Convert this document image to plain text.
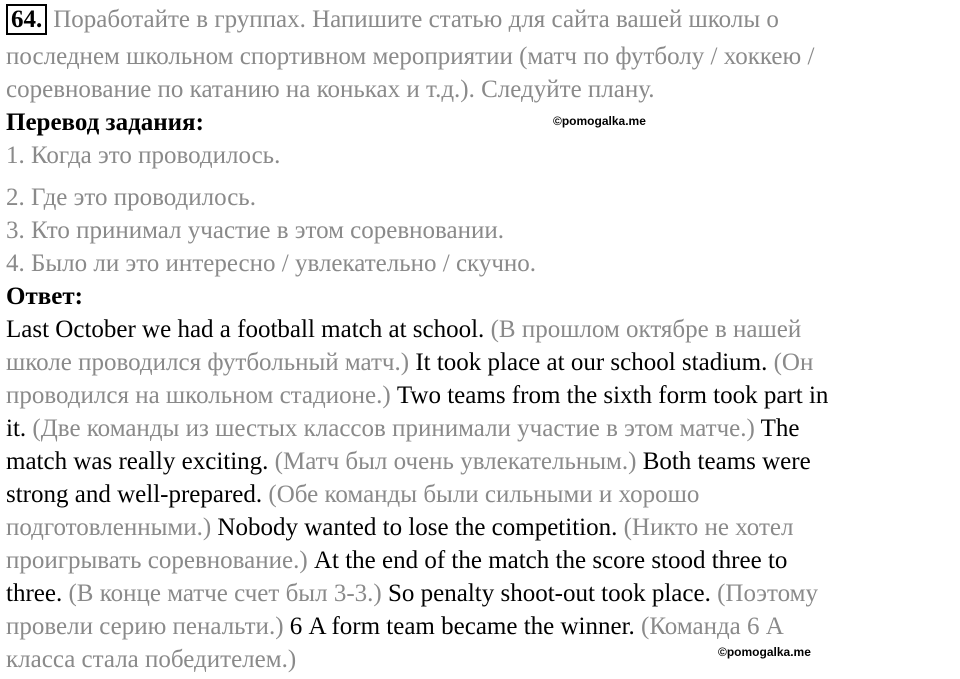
64. Поработайте в группах. Напишите статью для сайта вашей школы о
последнем школьном спортивном мероприятии (матч по футболу / хоккею /
соревнование по катанию на коньках и т.д.). Следуйте плану.
Перевод задания:	©pomogalka.me
1. Когда это проводилось.
2. Где это проводилось.
3. Кто принимал участие в этом соревновании.
4. Было ли это интересно / увлекательно / скучно.
Ответ:
Last October we had a football match at school. (В прошлом октябре в нашей
школе проводился футбольный матч.) It took place at our school stadium. (Он
проводился на школьном стадионе.) Two teams from the sixth form took part in
it. (Две команды из шестых классов принимали участие в этом матче.) The
match was really exciting. (Матч был очень увлекательным.) Both teams were
strong and well-prepared. (Обе команды были сильными и хорошо
подготовленными.) Nobody wanted to lose the competition. (Никто не хотел
проигрывать соревнование.) At the end of the match the score stood three to
three. (В конце матче счет был 3-3.) So penalty shoot-out took place. (Поэтому
провели серию пенальти.) 6 A form team became the winner. (Команда 6 А
класса стала победителем.)	©pomogalka.me
